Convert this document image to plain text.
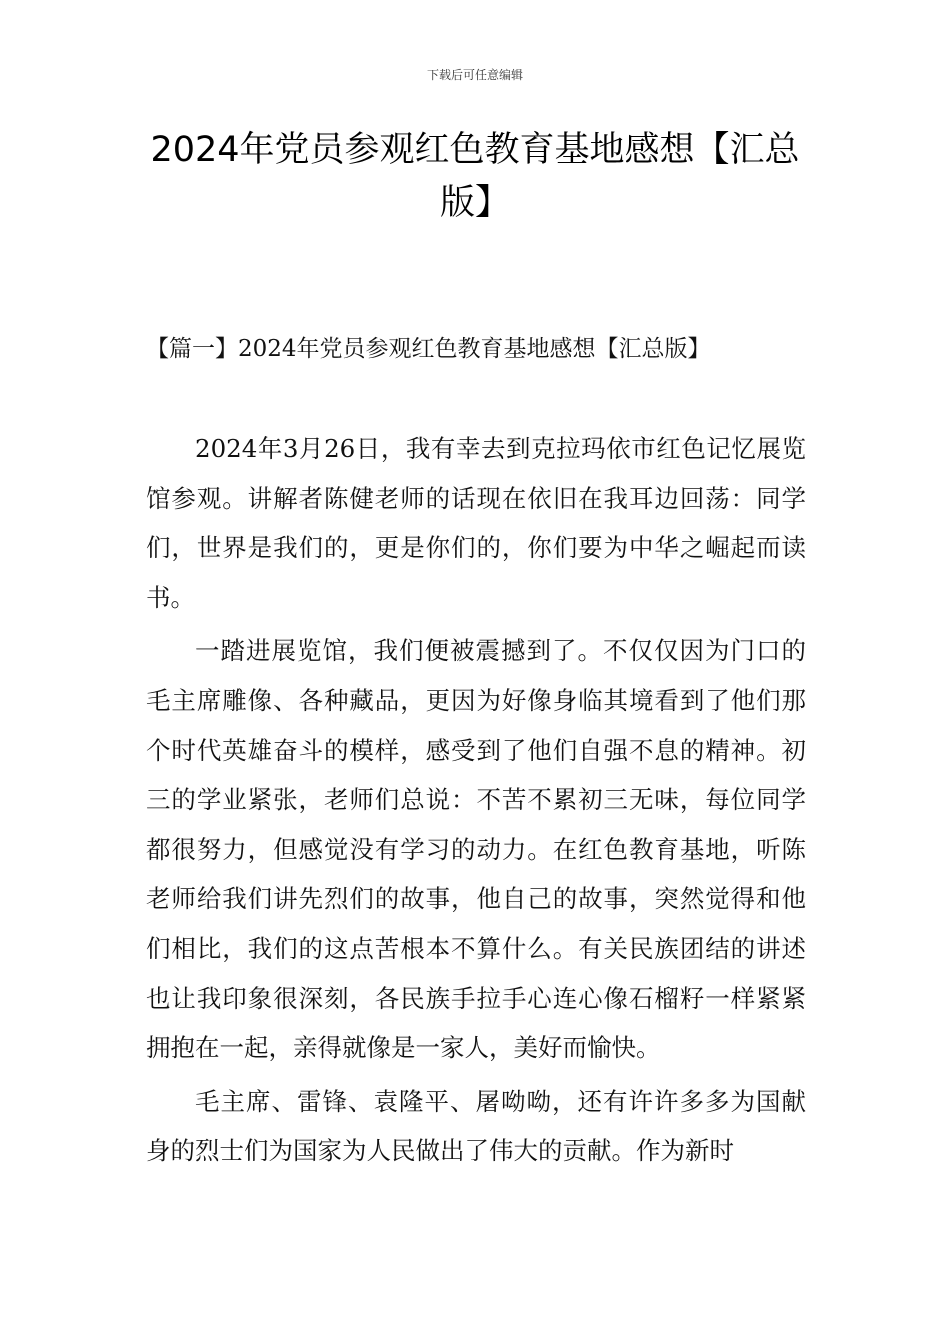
下载后可任意编辑
2024年党员参观红色教育基地感想【汇总版】
【篇一】2024年党员参观红色教育基地感想【汇总版】

2024年3月26日，我有幸去到克拉玛依市红色记忆展览馆参观。讲解者陈健老师的话现在依旧在我耳边回荡：同学们，世界是我们的，更是你们的，你们要为中华之崛起而读书。

一踏进展览馆，我们便被震撼到了。不仅仅因为门口的毛主席雕像、各种藏品，更因为好像身临其境看到了他们那个时代英雄奋斗的模样，感受到了他们自强不息的精神。初三的学业紧张，老师们总说：不苦不累初三无味，每位同学都很努力，但感觉没有学习的动力。在红色教育基地，听陈老师给我们讲先烈们的故事，他自己的故事，突然觉得和他们相比，我们的这点苦根本不算什么。有关民族团结的讲述也让我印象很深刻，各民族手拉手心连心像石榴籽一样紧紧拥抱在一起，亲得就像是一家人，美好而愉快。

毛主席、雷锋、袁隆平、屠呦呦，还有许许多多为国献身的烈士们为国家为人民做出了伟大的贡献。作为新时
